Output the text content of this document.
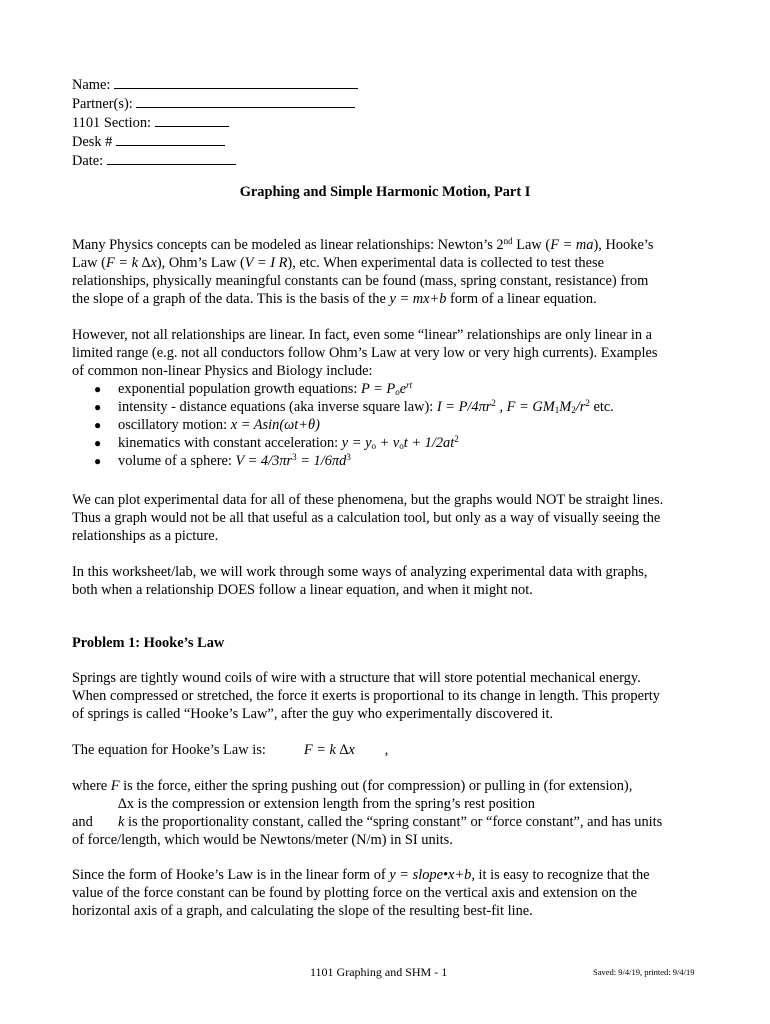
Name:
Partner(s):
1101 Section:
Desk #
Date:
Graphing and Simple Harmonic Motion, Part I
Many Physics concepts can be modeled as linear relationships: Newton’s 2nd Law (F = ma), Hooke’s
Law (F = k ∆x), Ohm’s Law (V = I R), etc. When experimental data is collected to test these
relationships, physically meaningful constants can be found (mass, spring constant, resistance) from
the slope of a graph of the data. This is the basis of the y = mx+b form of a linear equation.
However, not all relationships are linear. In fact, even some “linear” relationships are only linear in a
limited range (e.g. not all conductors follow Ohm’s Law at very low or very high currents). Examples
of common non-linear Physics and Biology include:
● exponential population growth equations: $P = P_oe^{rt}$
● intensity - distance equations (aka inverse square law): $I = P/4\pi r^2$ , $F = GM_1M_2/r^2$ etc.
● oscillatory motion: x = Asin(ωt+θ)
● kinematics with constant acceleration: $y = y_o + v_ot + 1/2at^2$
● volume of a sphere: $V = 4/3\pi r^3 = 1/6\pi d^3$
We can plot experimental data for all of these phenomena, but the graphs would NOT be straight lines.
Thus a graph would not be all that useful as a calculation tool, but only as a way of visually seeing the
relationships as a picture.
In this worksheet/lab, we will work through some ways of analyzing experimental data with graphs,
both when a relationship DOES follow a linear equation, and when it might not.
Problem 1: Hooke’s Law
Springs are tightly wound coils of wire with a structure that will store potential mechanical energy.
When compressed or stretched, the force it exerts is proportional to its change in length. This property
of springs is called “Hooke’s Law”, after the guy who experimentally discovered it.
The equation for Hooke’s Law is:	F = k ∆x ,
where F is the force, either the spring pushing out (for compression) or pulling in (for extension),
∆x is the compression or extension length from the spring’s rest position
and k is the proportionality constant, called the “spring constant” or “force constant”, and has units
of force/length, which would be Newtons/meter (N/m) in SI units.
Since the form of Hooke’s Law is in the linear form of y = slope•x+b, it is easy to recognize that the
value of the force constant can be found by plotting force on the vertical axis and extension on the
horizontal axis of a graph, and calculating the slope of the resulting best-fit line.
1101 Graphing and SHM - 1	Saved: 9/4/19, printed: 9/4/19
